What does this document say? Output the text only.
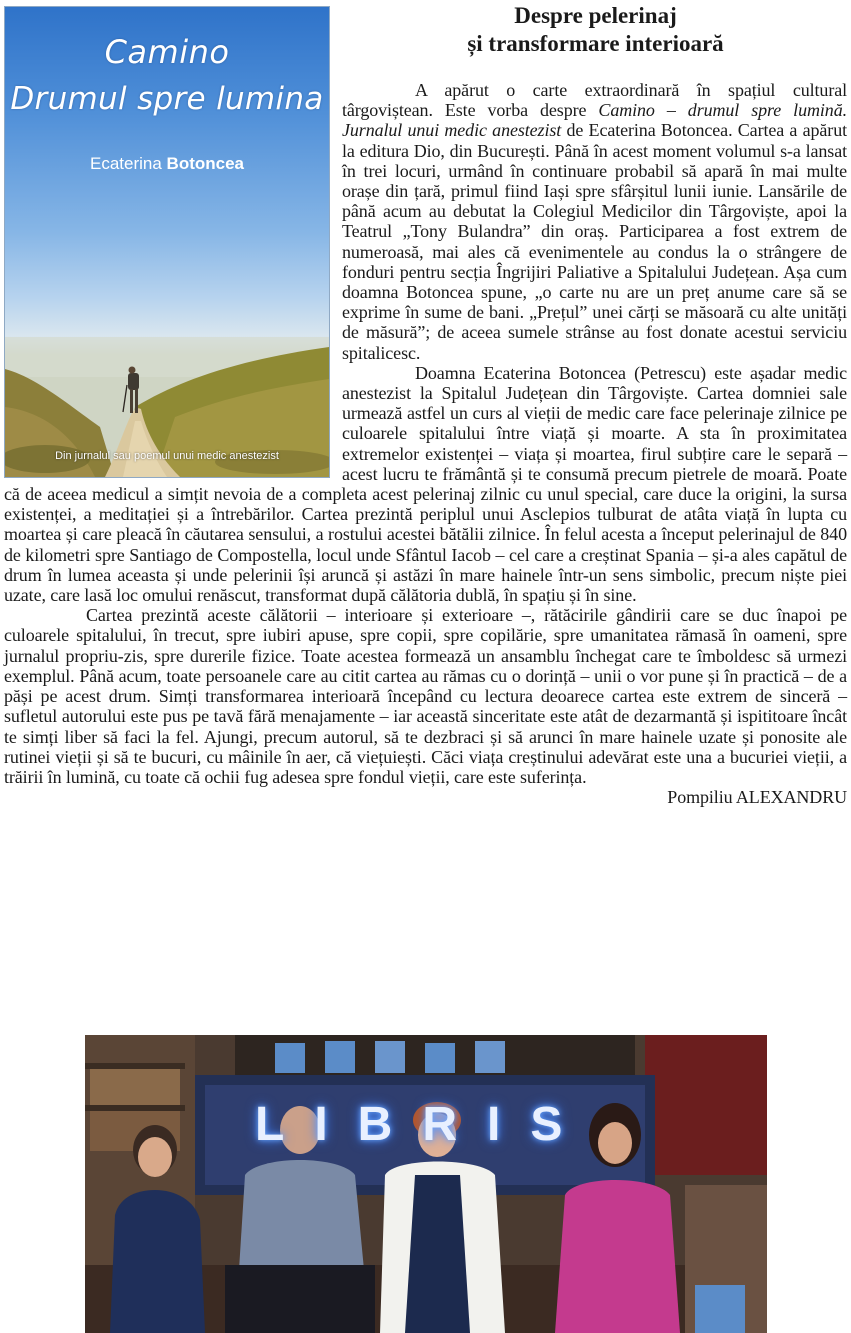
Camino
Drumul spre lumina
Ecaterina Botoncea
Din jurnalul sau poemul unui medic anestezist
Despre pelerinaj
și transformare interioară

A apărut o carte extraordinară în spațiul cultural târgoviștean. Este vorba despre Camino – drumul spre lumină. Jurnalul unui medic anestezist de Ecaterina Botoncea. Cartea a apărut la editura Dio, din București. Până în acest moment volumul s-a lansat în trei locuri, urmând în continuare probabil să apară în mai multe orașe din țară, primul fiind Iași spre sfârșitul lunii iunie. Lansările de până acum au debutat la Colegiul Medicilor din Târgoviște, apoi la Teatrul „Tony Bulandra” din oraș. Participarea a fost extrem de numeroasă, mai ales că evenimentele au condus la o strângere de fonduri pentru secția Îngrijiri Paliative a Spitalului Județean. Așa cum doamna Botoncea spune, „o carte nu are un preț anume care să se exprime în sume de bani. „Prețul” unei cărți se măsoară cu alte unități de măsură”; de aceea sumele strânse au fost donate acestui serviciu spitalicesc.

Doamna Ecaterina Botoncea (Petrescu) este așadar medic anestezist la Spitalul Județean din Târgoviște. Cartea domniei sale urmează astfel un curs al vieții de medic care face pelerinaje zilnice pe culoarele spitalului între viață și moarte. A sta în proximitatea extremelor existenței – viața și moartea, firul subțire care le separă – acest lucru te frământă și te consumă precum pietrele de moară. Poate că de aceea medicul a simțit nevoia de a completa acest pelerinaj zilnic cu unul special, care duce la origini, la sursa existenței, a meditației și a întrebărilor. Cartea prezintă periplul unui Asclepios tulburat de atâta viață în lupta cu moartea și care pleacă în căutarea sensului, a rostului acestei bătălii zilnice. În felul acesta a început pelerinajul de 840 de kilometri spre Santiago de Compostella, locul unde Sfântul Iacob – cel care a creștinat Spania – și-a ales capătul de drum în lumea aceasta și unde pelerinii își aruncă și astăzi în mare hainele într-un sens simbolic, precum niște piei uzate, care lasă loc omului renăscut, transformat după călătoria dublă, în spațiu și în sine.

Cartea prezintă aceste călătorii – interioare și exterioare –, rătăcirile gândirii care se duc înapoi pe culoarele spitalului, în trecut, spre iubiri apuse, spre copii, spre copilărie, spre umanitatea rămasă în oameni, spre jurnalul propriu-zis, spre durerile fizice. Toate acestea formează un ansamblu închegat care te îmboldesc să urmezi exemplul. Până acum, toate persoanele care au citit cartea au rămas cu o dorință – unii o vor pune și în practică – de a păși pe acest drum. Simți transformarea interioară începând cu lectura deoarece cartea este extrem de sinceră – sufletul autorului este pus pe tavă fără menajamente – iar această sinceritate este atât de dezarmantă și ispititoare încât te simți liber să faci la fel. Ajungi, precum autorul, să te dezbraci și să arunci în mare hainele uzate și ponosite ale rutinei vieții și să te bucuri, cu mâinile în aer, că viețuiești. Căci viața creștinului adevărat este una a bucuriei vieții, a trăirii în lumină, cu toate că ochii fug adesea spre fondul vieții, care este suferința.

Pompiliu ALEXANDRU

LIBRIS
